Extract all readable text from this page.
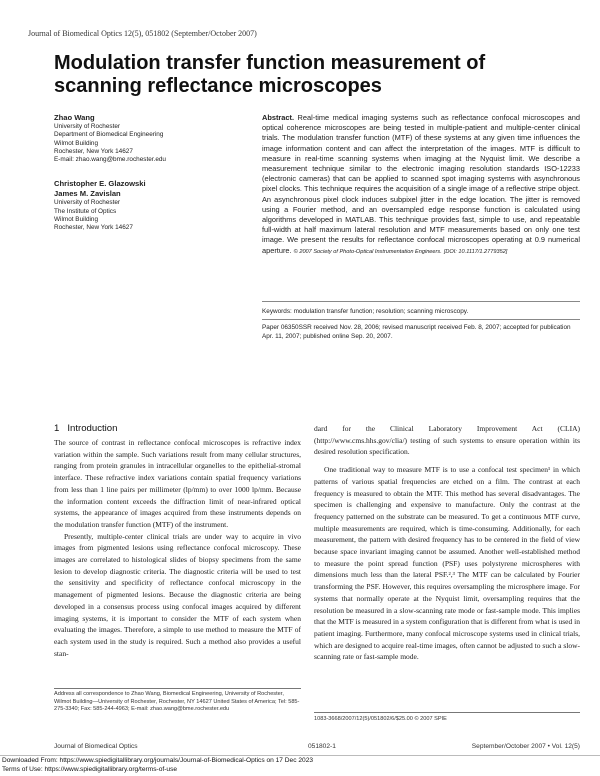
Journal of Biomedical Optics 12(5), 051802 (September/October 2007)
Modulation transfer function measurement of scanning reflectance microscopes
Zhao Wang
University of Rochester
Department of Biomedical Engineering
Wilmot Building
Rochester, New York 14627
E-mail: zhao.wang@bme.rochester.edu
Christopher E. Glazowski
James M. Zavislan
University of Rochester
The Institute of Optics
Wilmot Building
Rochester, New York 14627
Abstract. Real-time medical imaging systems such as reflectance confocal microscopes and optical coherence microscopes are being tested in multiple-patient and multiple-center clinical trials. The modulation transfer function (MTF) of these systems at any given time influences the image information content and can affect the interpretation of the images. MTF is difficult to measure in real-time scanning systems when imaging at the Nyquist limit. We describe a measurement technique similar to the electronic imaging resolution standards ISO-12233 (electronic cameras) that can be applied to scanned spot imaging systems with asynchronous pixel clocks. This technique requires the acquisition of a single image of a reflective stripe object. An asynchronous pixel clock induces subpixel jitter in the edge location. The jitter is removed using a Fourier method, and an oversampled edge response function is calculated using algorithms developed in MATLAB. This technique provides fast, simple to use, and repeatable full-width at half maximum lateral resolution and MTF measurements based on only one test image. We present the results for reflectance confocal microscopes operating at 0.9 numerical aperture. © 2007 Society of Photo-Optical Instrumentation Engineers. [DOI: 10.1117/1.2779352]
Keywords: modulation transfer function; resolution; scanning microscopy.
Paper 06350SSR received Nov. 28, 2006; revised manuscript received Feb. 8, 2007; accepted for publication Apr. 11, 2007; published online Sep. 20, 2007.
1 Introduction

The source of contrast in reflectance confocal microscopes is refractive index variation within the sample. Such variations result from many cellular structures, ranging from protein granules in intracellular organelles to the epithelial-stromal interface. These refractive index variations contain spatial frequency variations from less than 1 line pairs per millimeter (lp/mm) to over 1000 lp/mm. Because the information content exceeds the diffraction limit of near-infrared optical systems, the appearance of images acquired from these instruments depends on the modulation transfer function (MTF) of the instrument.

Presently, multiple-center clinical trials are under way to acquire in vivo images from pigmented lesions using reflectance confocal microscopy. These images are correlated to histological slides of biopsy specimens from the same lesion to develop diagnostic criteria. The diagnostic criteria will be used to test the sensitivity and specificity of reflectance confocal microscopy in the management of pigmented lesions. Because the diagnostic criteria are being developed in a consensus process using confocal images acquired by different imaging systems, it is important to consider the MTF of each system when evaluating the images. Therefore, a simple to use method to measure the MTF of each system used in the study is required. Such a method also provides a useful stan-

dard for the Clinical Laboratory Improvement Act (CLIA) (http://www.cms.hhs.gov/clia/) testing of such systems to ensure operation within its desired resolution specification.

One traditional way to measure MTF is to use a confocal test specimen¹ in which patterns of various spatial frequencies are etched on a film. The contrast at each frequency is measured to obtain the MTF. This method has several disadvantages. The specimen is challenging and expensive to manufacture. Only the contrast at the frequency patterned on the substrate can be measured. To get a continuous MTF curve, multiple measurements are required, which is time-consuming. Additionally, for each measurement, the pattern with desired frequency has to be centered in the field of view because space invariant imaging cannot be assumed. Another well-established method to measure the point spread function (PSF) uses polystyrene microspheres with dimensions much less than the lateral PSF.²,³ The MTF can be calculated by Fourier transforming the PSF. However, this requires oversampling the microsphere image. For systems that normally operate at the Nyquist limit, oversampling requires that the resolution be measured in a slow-scanning rate mode or fast-sample mode. This implies that the MTF is measured in a system configuration that is different from what is used in patient imaging. Furthermore, many confocal microscope systems used in clinical trials, which are designed to acquire real-time images, often cannot be adjusted to such a slow-scanning rate or fast-sample mode.

Address all correspondence to Zhao Wang, Biomedical Engineering, University of Rochester, Wilmot Building—University of Rochester, Rochester, NY 14627 United States of America; Tel: 585-275-3340; Fax: 585-244-4963; E-mail: zhao.wang@bme.rochester.edu
1083-3668/2007/12(5)/051802/6/$25.00 © 2007 SPIE
Journal of Biomedical Optics	051802-1	September/October 2007 • Vol. 12(5)
Downloaded From: https://www.spiedigitallibrary.org/journals/Journal-of-Biomedical-Optics on 17 Dec 2023
Terms of Use: https://www.spiedigitallibrary.org/terms-of-use
